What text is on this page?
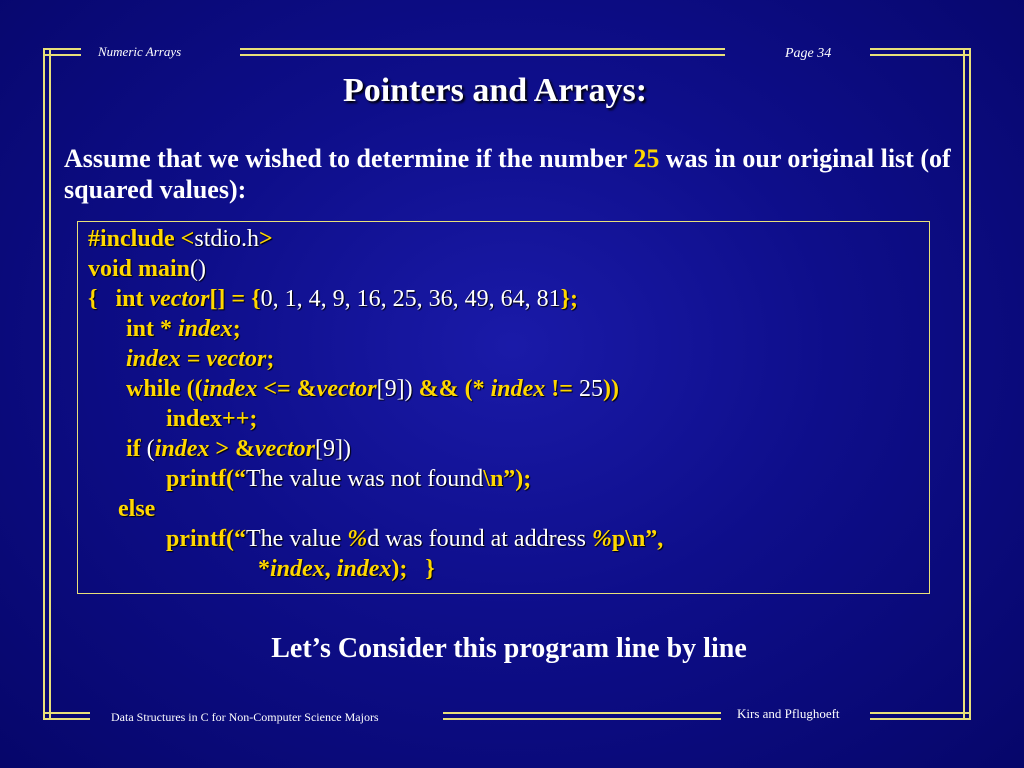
Numeric Arrays	Page 34
Data Structures in C for Non-Computer Science Majors	Kirs and Pflughoeft
Pointers and Arrays:
Assume that we wished to determine if the number 25 was in our original list (of squared values):
#include <stdio.h>
void main()
{   int vector[] = {0, 1, 4, 9, 16, 25, 36, 49, 64, 81};
int * index;
index = vector;
while ((index <= &vector[9]) && (* index != 25))
index++;
if (index > &vector[9])
printf(“The value was not found\n”);
else
printf(“The value %d was found at address %p\n”,
*index, index);   }
Let’s Consider this program line by line
